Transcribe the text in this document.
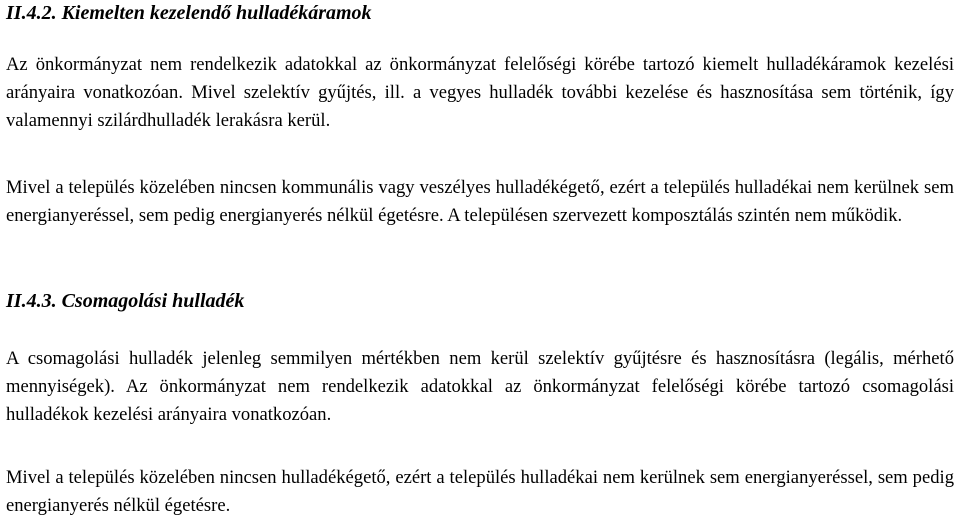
II.4.2. Kiemelten kezelendő hulladékáramok

Az önkormányzat nem rendelkezik adatokkal az önkormányzat felelőségi körébe tartozó kiemelt hulladékáramok kezelési arányaira vonatkozóan. Mivel szelektív gyűjtés, ill. a vegyes hulladék további kezelése és hasznosítása sem történik, így valamennyi szilárdhulladék lerakásra kerül.

Mivel a település közelében nincsen kommunális vagy veszélyes hulladékégető, ezért a település hulladékai nem kerülnek sem energianyeréssel, sem pedig energianyerés nélkül égetésre. A településen szervezett komposztálás szintén nem működik.

II.4.3. Csomagolási hulladék

A csomagolási hulladék jelenleg semmilyen mértékben nem kerül szelektív gyűjtésre és hasznosításra (legális, mérhető mennyiségek). Az önkormányzat nem rendelkezik adatokkal az önkormányzat felelőségi körébe tartozó csomagolási hulladékok kezelési arányaira vonatkozóan.

Mivel a település közelében nincsen hulladékégető, ezért a település hulladékai nem kerülnek sem energianyeréssel, sem pedig energianyerés nélkül égetésre.
